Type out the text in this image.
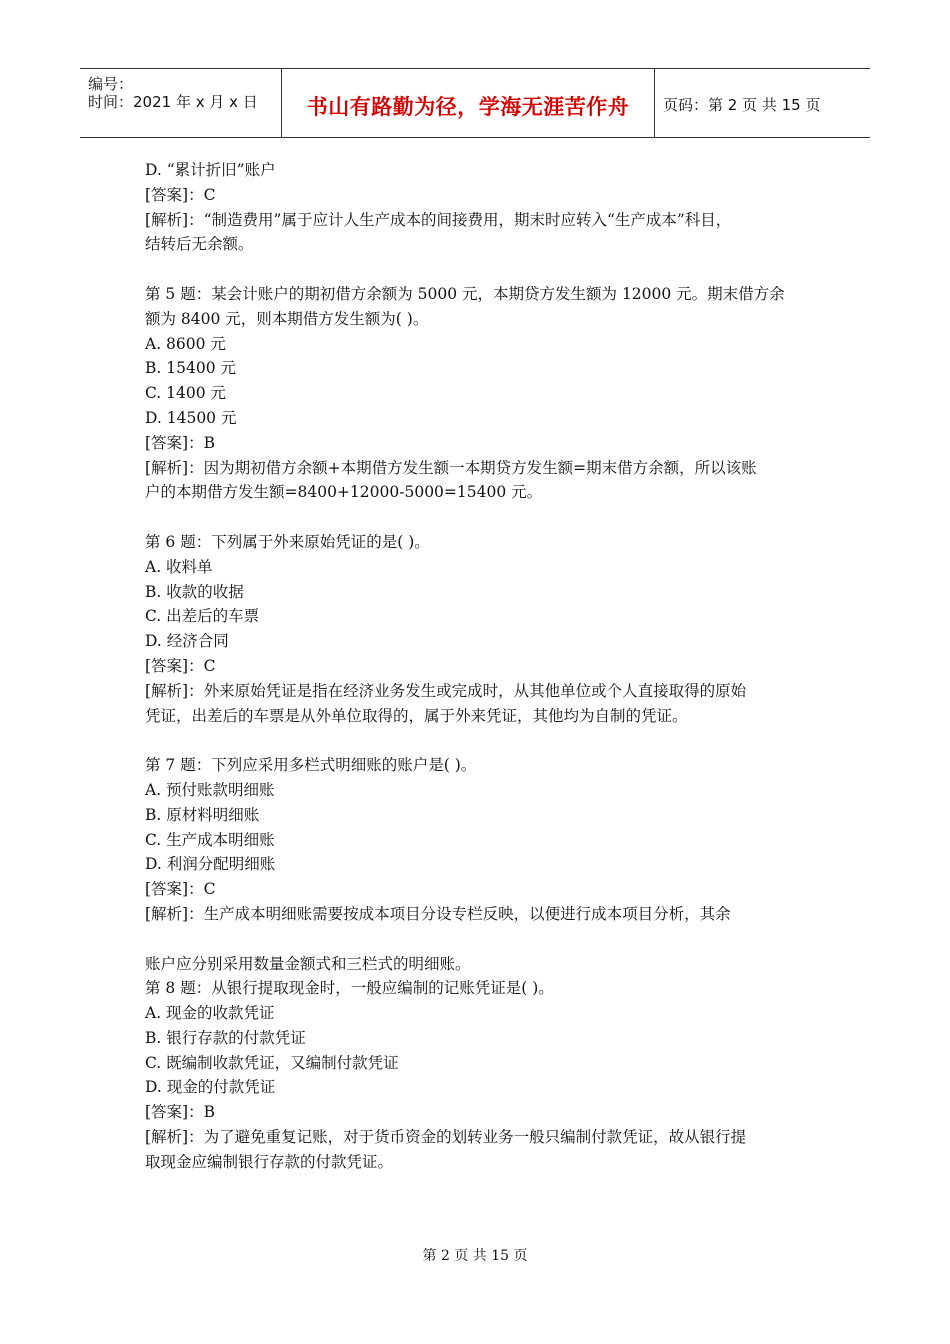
编号：
时间：2021 年 x 月 x 日	书山有路勤为径，学海无涯苦作舟	页码：第 2 页 共 15 页
D. “累计折旧”账户
[答案]：C
[解析]：“制造费用”属于应计人生产成本的间接费用，期末时应转入“生产成本”科目，
结转后无余额。
第 5 题：某会计账户的期初借方余额为 5000 元，本期贷方发生额为 12000 元。期末借方余
额为 8400 元，则本期借方发生额为( )。
A. 8600 元
B. 15400 元
C. 1400 元
D. 14500 元
[答案]：B
[解析]：因为期初借方余额+本期借方发生额一本期贷方发生额=期末借方余额，所以该账
户的本期借方发生额=8400+12000-5000=15400 元。
第 6 题：下列属于外来原始凭证的是( )。
A. 收料单
B. 收款的收据
C. 出差后的车票
D. 经济合同
[答案]：C
[解析]：外来原始凭证是指在经济业务发生或完成时，从其他单位或个人直接取得的原始
凭证，出差后的车票是从外单位取得的，属于外来凭证，其他均为自制的凭证。
第 7 题：下列应采用多栏式明细账的账户是( )。
A. 预付账款明细账
B. 原材料明细账
C. 生产成本明细账
D. 利润分配明细账
[答案]：C
[解析]：生产成本明细账需要按成本项目分设专栏反映，以便进行成本项目分析，其余
账户应分别采用数量金额式和三栏式的明细账。
第 8 题：从银行提取现金时，一般应编制的记账凭证是( )。
A. 现金的收款凭证
B. 银行存款的付款凭证
C. 既编制收款凭证，又编制付款凭证
D. 现金的付款凭证
[答案]：B
[解析]：为了避免重复记账，对于货币资金的划转业务一般只编制付款凭证，故从银行提
取现金应编制银行存款的付款凭证。
第 2 页 共 15 页
